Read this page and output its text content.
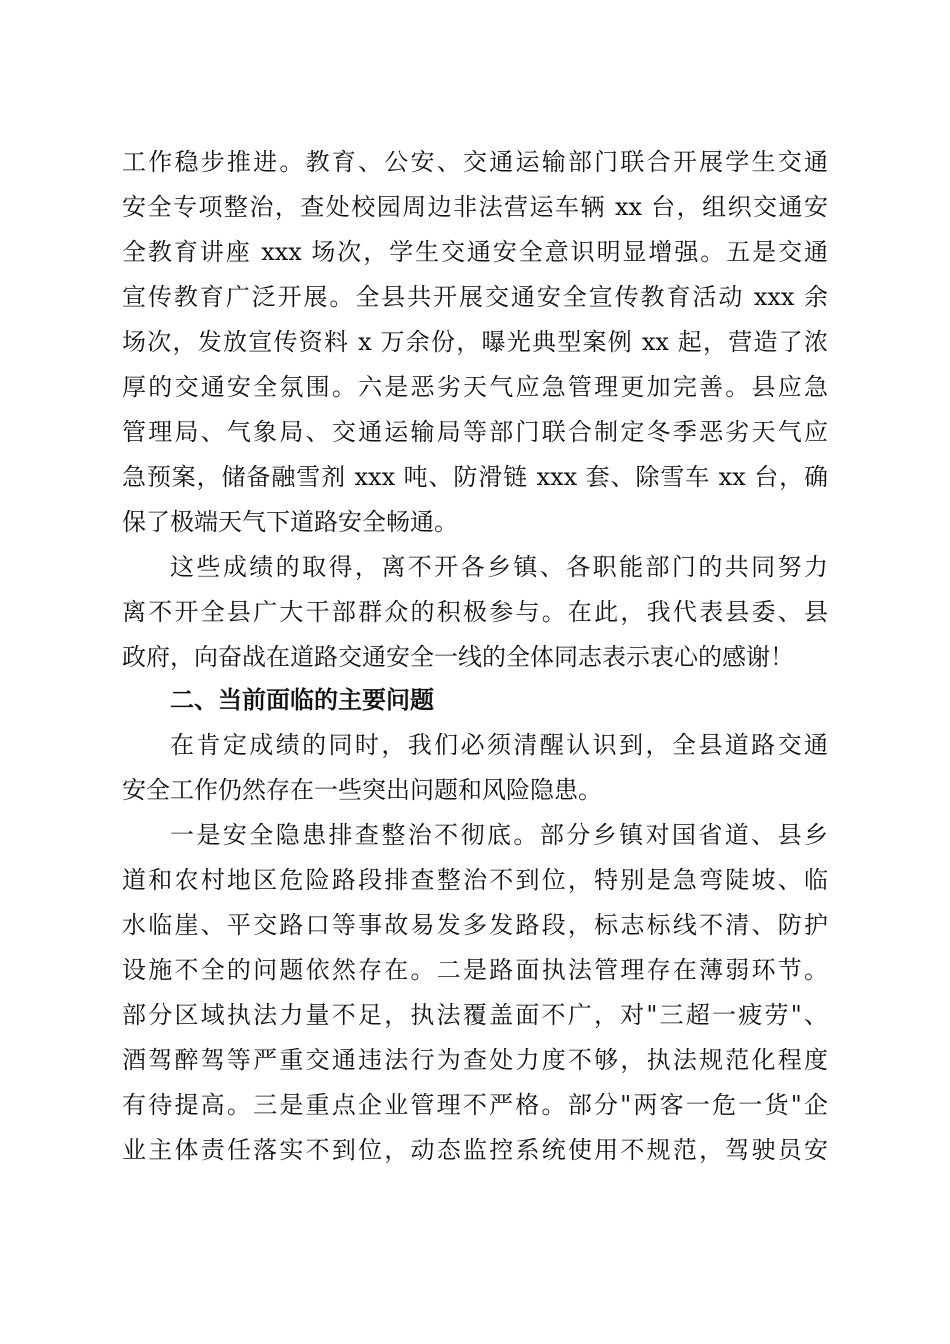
工作稳步推进。教育、公安、交通运输部门联合开展学生交通
安全专项整治，查处校园周边非法营运车辆 xx 台，组织交通安
全教育讲座 xxx 场次，学生交通安全意识明显增强。五是交通
宣传教育广泛开展。全县共开展交通安全宣传教育活动 xxx 余
场次，发放宣传资料 x 万余份，曝光典型案例 xx 起，营造了浓
厚的交通安全氛围。六是恶劣天气应急管理更加完善。县应急
管理局、气象局、交通运输局等部门联合制定冬季恶劣天气应
急预案，储备融雪剂 xxx 吨、防滑链 xxx 套、除雪车 xx 台，确
保了极端天气下道路安全畅通。
这些成绩的取得，离不开各乡镇、各职能部门的共同努力
离不开全县广大干部群众的积极参与。在此，我代表县委、县
政府，向奋战在道路交通安全一线的全体同志表示衷心的感谢！
二、当前面临的主要问题
在肯定成绩的同时，我们必须清醒认识到，全县道路交通
安全工作仍然存在一些突出问题和风险隐患。
一是安全隐患排查整治不彻底。部分乡镇对国省道、县乡
道和农村地区危险路段排查整治不到位，特别是急弯陡坡、临
水临崖、平交路口等事故易发多发路段，标志标线不清、防护
设施不全的问题依然存在。二是路面执法管理存在薄弱环节。
部分区域执法力量不足，执法覆盖面不广，对"三超一疲劳"、
酒驾醉驾等严重交通违法行为查处力度不够，执法规范化程度
有待提高。三是重点企业管理不严格。部分"两客一危一货"企
业主体责任落实不到位，动态监控系统使用不规范，驾驶员安
